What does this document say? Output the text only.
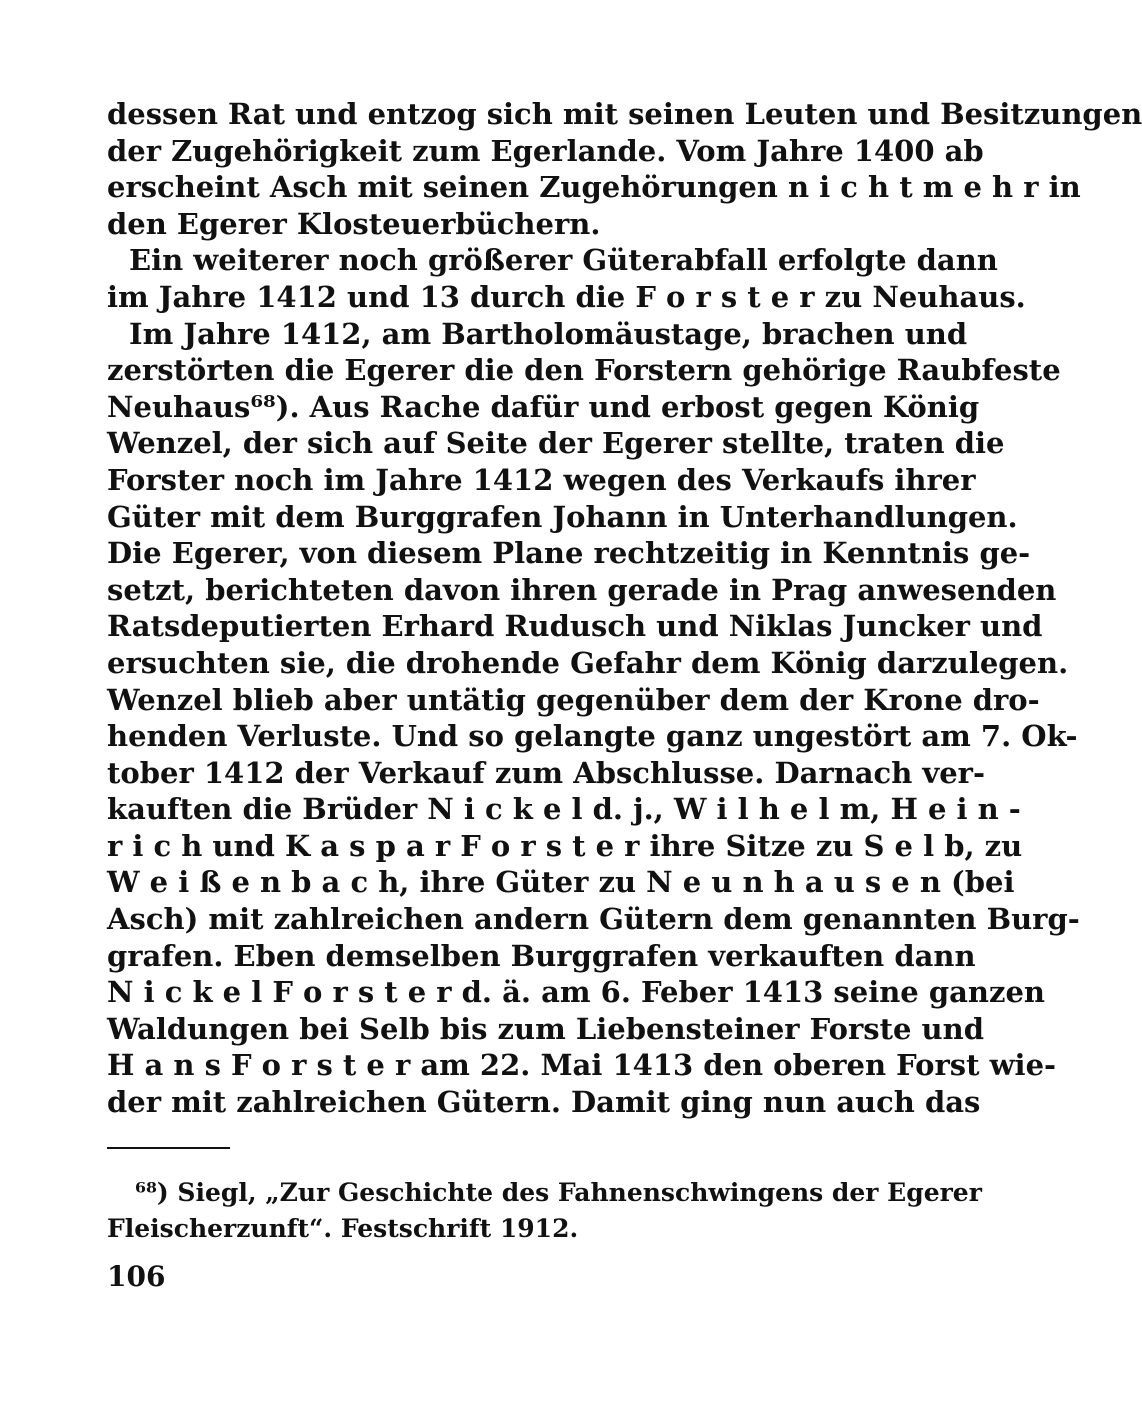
dessen Rat und entzog sich mit seinen Leuten und Besitzungen
der Zugehörigkeit zum Egerlande. Vom Jahre 1400 ab
erscheint Asch mit seinen Zugehörungen n i c h t m e h r in
den Egerer Klosteuerbüchern.
Ein weiterer noch größerer Güterabfall erfolgte dann
im Jahre 1412 und 13 durch die F o r s t e r zu Neuhaus.
Im Jahre 1412, am Bartholomäustage, brachen und
zerstörten die Egerer die den Forstern gehörige Raubfeste
Neuhaus⁶⁸). Aus Rache dafür und erbost gegen König
Wenzel, der sich auf Seite der Egerer stellte, traten die
Forster noch im Jahre 1412 wegen des Verkaufs ihrer
Güter mit dem Burggrafen Johann in Unterhandlungen.
Die Egerer, von diesem Plane rechtzeitig in Kenntnis ge-
setzt, berichteten davon ihren gerade in Prag anwesenden
Ratsdeputierten Erhard Rudusch und Niklas Juncker und
ersuchten sie, die drohende Gefahr dem König darzulegen.
Wenzel blieb aber untätig gegenüber dem der Krone dro-
henden Verluste. Und so gelangte ganz ungestört am 7. Ok-
tober 1412 der Verkauf zum Abschlusse. Darnach ver-
kauften die Brüder N i c k e l d. j., W i l h e l m, H e i n -
r i c h und K a s p a r F o r s t e r ihre Sitze zu S e l b, zu
W e i ß e n b a c h, ihre Güter zu N e u n h a u s e n (bei
Asch) mit zahlreichen andern Gütern dem genannten Burg-
grafen. Eben demselben Burggrafen verkauften dann
N i c k e l F o r s t e r d. ä. am 6. Feber 1413 seine ganzen
Waldungen bei Selb bis zum Liebensteiner Forste und
H a n s F o r s t e r am 22. Mai 1413 den oberen Forst wie-
der mit zahlreichen Gütern. Damit ging nun auch das
⁶⁸) Siegl, „Zur Geschichte des Fahnenschwingens der Egerer
Fleischerzunft“. Festschrift 1912.
106
